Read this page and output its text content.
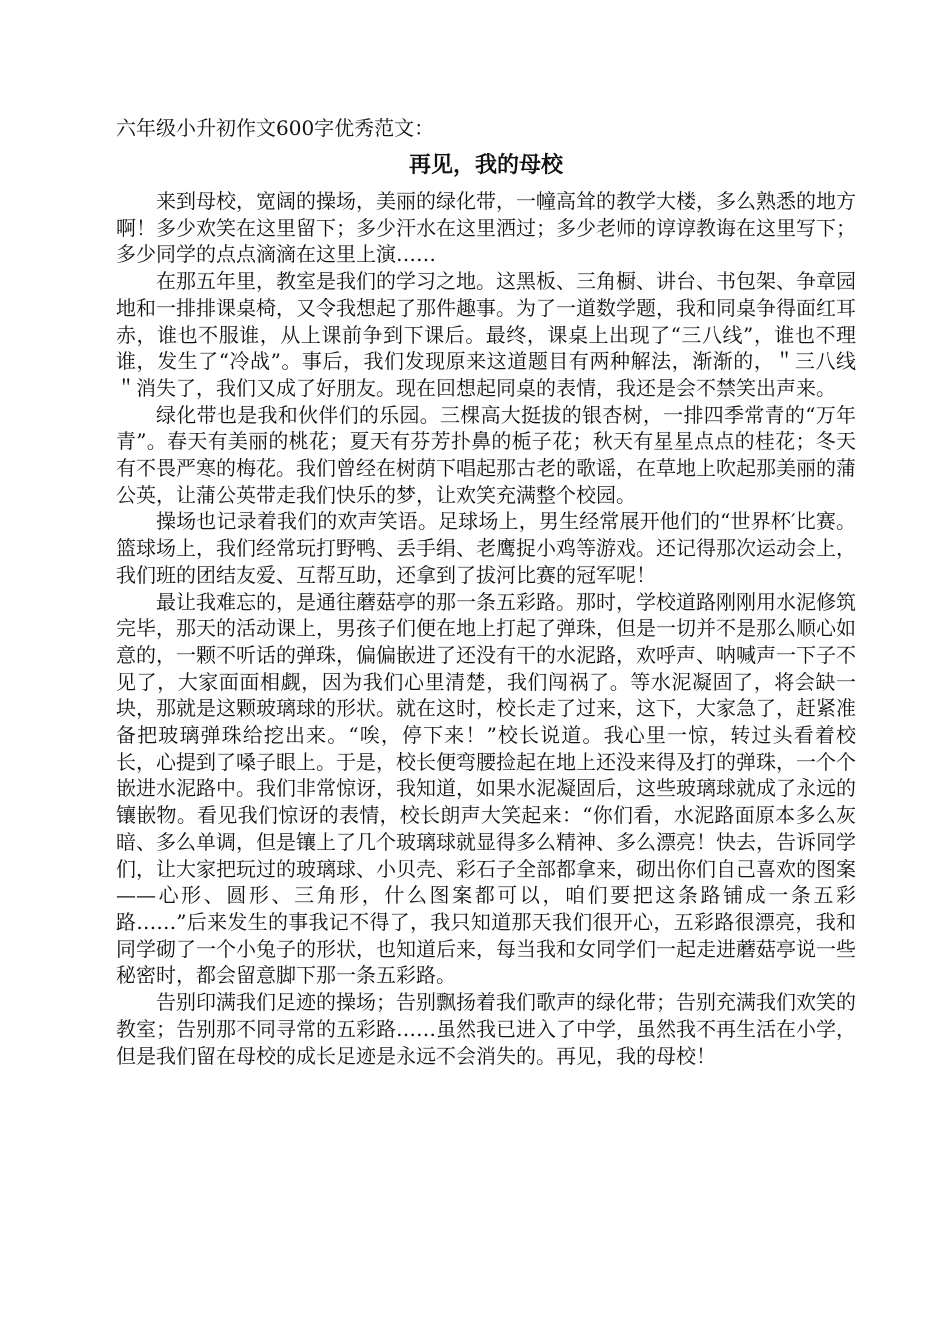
六年级小升初作文600字优秀范文：

再见，我的母校

来到母校，宽阔的操场，美丽的绿化带，一幢高耸的教学大楼，多么熟悉的地方啊！多少欢笑在这里留下；多少汗水在这里洒过；多少老师的谆谆教诲在这里写下；多少同学的点点滴滴在这里上演……

在那五年里，教室是我们的学习之地。这黑板、三角橱、讲台、书包架、争章园地和一排排课桌椅，又令我想起了那件趣事。为了一道数学题，我和同桌争得面红耳赤，谁也不服谁，从上课前争到下课后。最终，课桌上出现了“三八线”，谁也不理谁，发生了“冷战”。事后，我们发现原来这道题目有两种解法，渐渐的，＂三八线＂消失了，我们又成了好朋友。现在回想起同桌的表情，我还是会不禁笑出声来。

绿化带也是我和伙伴们的乐园。三棵高大挺拔的银杏树，一排四季常青的“万年青”。春天有美丽的桃花；夏天有芬芳扑鼻的栀子花；秋天有星星点点的桂花；冬天有不畏严寒的梅花。我们曾经在树荫下唱起那古老的歌谣，在草地上吹起那美丽的蒲公英，让蒲公英带走我们快乐的梦，让欢笑充满整个校园。

操场也记录着我们的欢声笑语。足球场上，男生经常展开他们的“世界杯′比赛。篮球场上，我们经常玩打野鸭、丢手绢、老鹰捉小鸡等游戏。还记得那次运动会上，我们班的团结友爱、互帮互助，还拿到了拔河比赛的冠军呢！

最让我难忘的，是通往蘑菇亭的那一条五彩路。那时，学校道路刚刚用水泥修筑完毕，那天的活动课上，男孩子们便在地上打起了弹珠，但是一切并不是那么顺心如意的，一颗不听话的弹珠，偏偏嵌进了还没有干的水泥路，欢呼声、呐喊声一下子不见了，大家面面相觑，因为我们心里清楚，我们闯祸了。等水泥凝固了，将会缺一块，那就是这颗玻璃球的形状。就在这时，校长走了过来，这下，大家急了，赶紧准备把玻璃弹珠给挖出来。“唉，停下来！”校长说道。我心里一惊，转过头看着校长，心提到了嗓子眼上。于是，校长便弯腰捡起在地上还没来得及打的弹珠，一个个嵌进水泥路中。我们非常惊讶，我知道，如果水泥凝固后，这些玻璃球就成了永远的镶嵌物。看见我们惊讶的表情，校长朗声大笑起来：“你们看，水泥路面原本多么灰暗、多么单调，但是镶上了几个玻璃球就显得多么精神、多么漂亮！快去，告诉同学们，让大家把玩过的玻璃球、小贝壳、彩石子全部都拿来，砌出你们自己喜欢的图案——心形、圆形、三角形，什么图案都可以，咱们要把这条路铺成一条五彩路……”后来发生的事我记不得了，我只知道那天我们很开心，五彩路很漂亮，我和同学砌了一个小兔子的形状，也知道后来，每当我和女同学们一起走进蘑菇亭说一些秘密时，都会留意脚下那一条五彩路。

告别印满我们足迹的操场；告别飘扬着我们歌声的绿化带；告别充满我们欢笑的教室；告别那不同寻常的五彩路……虽然我已进入了中学，虽然我不再生活在小学，但是我们留在母校的成长足迹是永远不会消失的。再见，我的母校！
